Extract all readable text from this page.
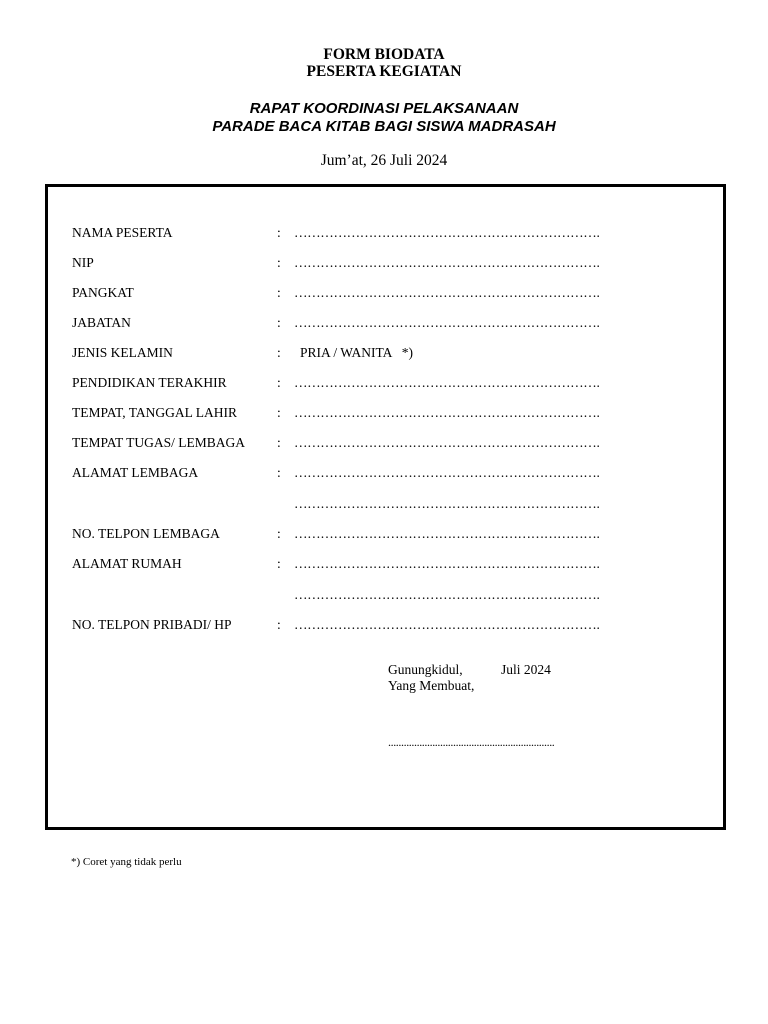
FORM BIODATA
PESERTA KEGIATAN
RAPAT KOORDINASI PELAKSANAAN
PARADE BACA KITAB BAGI SISWA MADRASAH
Jum’at, 26 Juli 2024
NAMA PESERTA	: …………………………………………………………….
NIP	: …………………………………………………………….
PANGKAT	: …………………………………………………………….
JABATAN	: …………………………………………………………….
JENIS KELAMIN	: PRIA / WANITA   *)
PENDIDIKAN TERAKHIR	: …………………………………………………………….
TEMPAT, TANGGAL LAHIR	: …………………………………………………………….
TEMPAT TUGAS/ LEMBAGA : …………………………………………………………….
ALAMAT LEMBAGA	: …………………………………………………………….
…………………………………………………………….
NO. TELPON LEMBAGA	: …………………………………………………………….
ALAMAT RUMAH	: …………………………………………………………….
…………………………………………………………….
NO. TELPON PRIBADI/ HP	: …………………………………………………………….
Gunungkidul,	Juli 2024
Yang Membuat,
................................................................
*) Coret yang tidak perlu
